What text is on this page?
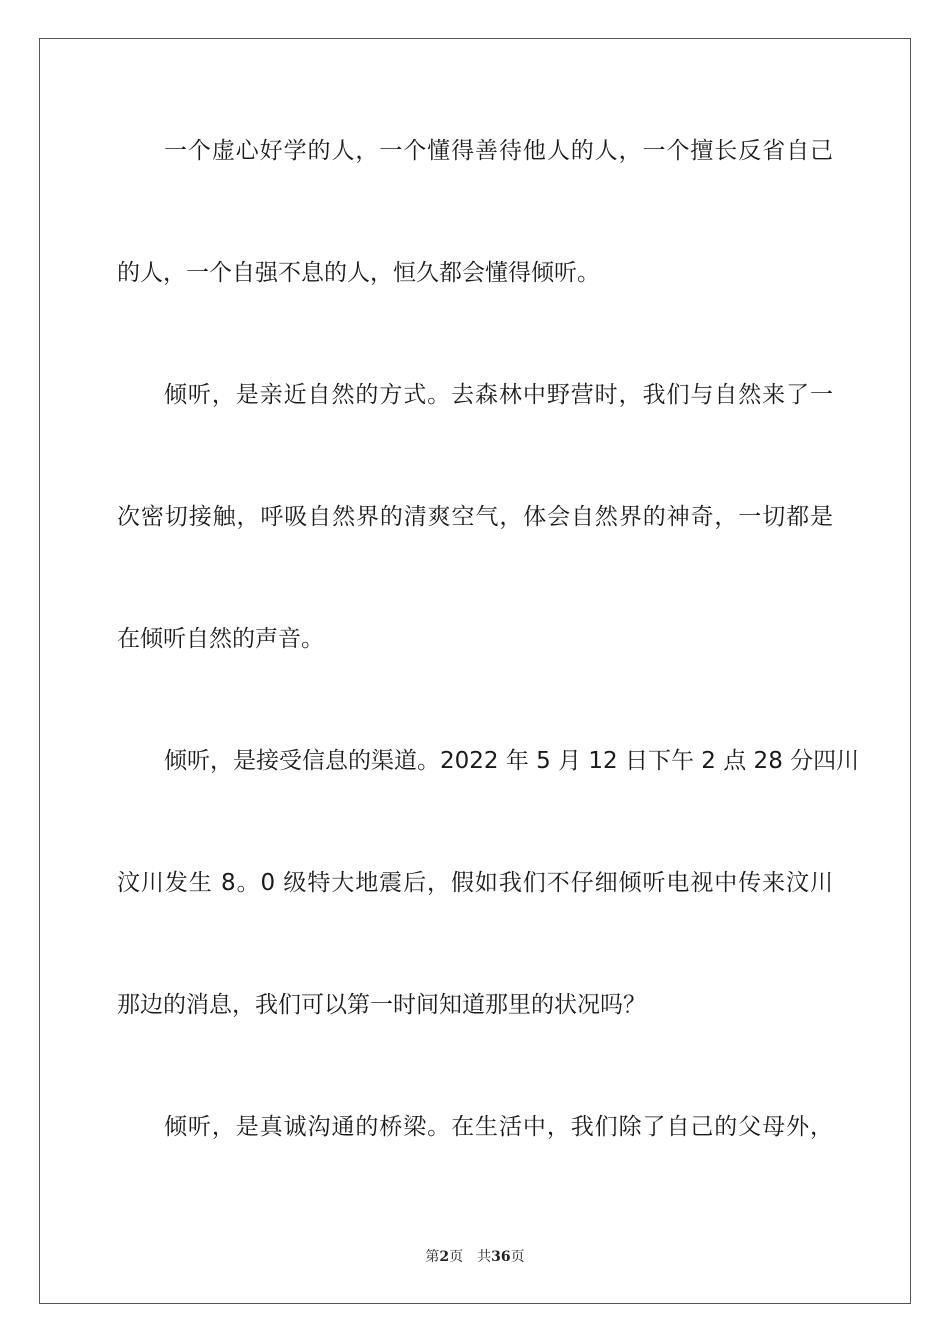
一个虚心好学的人，一个懂得善待他人的人，一个擅长反省自己
的人，一个自强不息的人，恒久都会懂得倾听。
倾听，是亲近自然的方式。去森林中野营时，我们与自然来了一
次密切接触，呼吸自然界的清爽空气，体会自然界的神奇，一切都是
在倾听自然的声音。
倾听，是接受信息的渠道。2022 年 5 月 12 日下午 2 点 28 分四川
汶川发生 8。0 级特大地震后，假如我们不仔细倾听电视中传来汶川
那边的消息，我们可以第一时间知道那里的状况吗？
倾听，是真诚沟通的桥梁。在生活中，我们除了自己的父母外，
第2页 共36页
